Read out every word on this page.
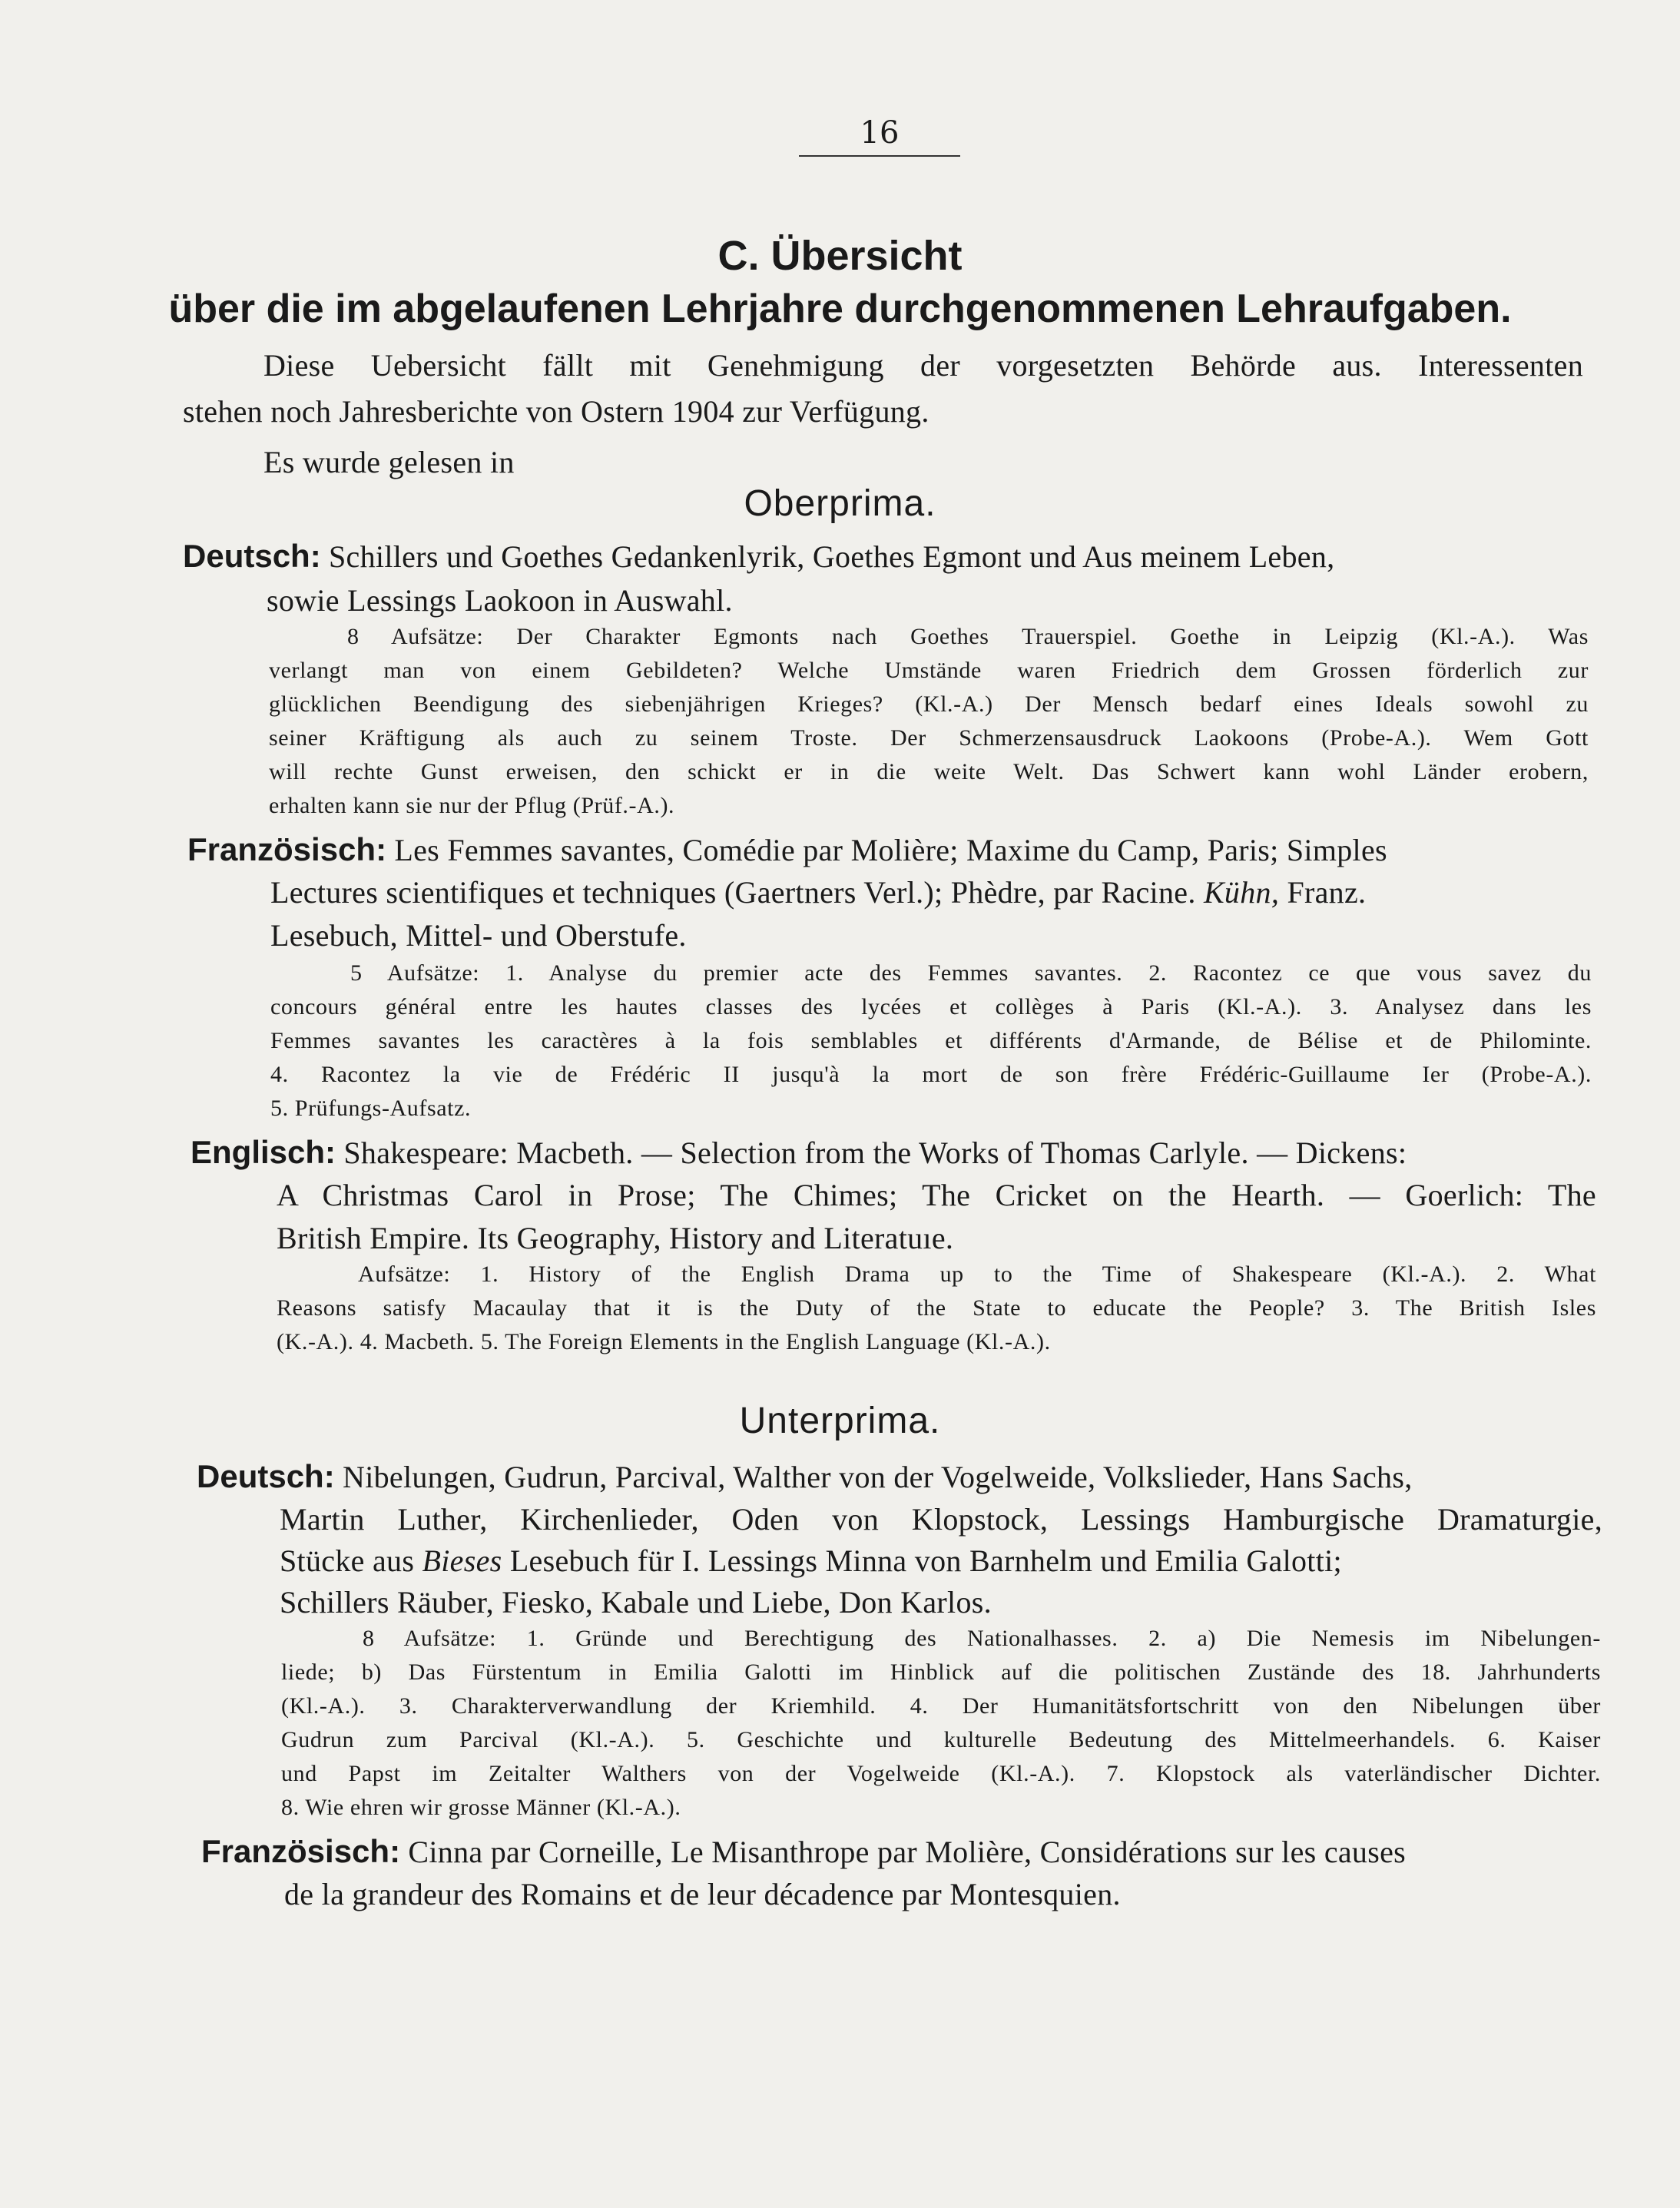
16
C. Übersicht
über die im abgelaufenen Lehrjahre durchgenommenen Lehraufgaben.
Diese Uebersicht fällt mit Genehmigung der vorgesetzten Behörde aus. Interessenten
stehen noch Jahresberichte von Ostern 1904 zur Verfügung.
Es wurde gelesen in
Oberprima.
Deutsch: Schillers und Goethes Gedankenlyrik, Goethes Egmont und Aus meinem Leben,
sowie Lessings Laokoon in Auswahl.
8 Aufsätze: Der Charakter Egmonts nach Goethes Trauerspiel. Goethe in Leipzig (Kl.-A.). Was
verlangt man von einem Gebildeten? Welche Umstände waren Friedrich dem Grossen förderlich zur
glücklichen Beendigung des siebenjährigen Krieges? (Kl.-A.) Der Mensch bedarf eines Ideals sowohl zu
seiner Kräftigung als auch zu seinem Troste. Der Schmerzensausdruck Laokoons (Probe-A.). Wem Gott
will rechte Gunst erweisen, den schickt er in die weite Welt. Das Schwert kann wohl Länder erobern,
erhalten kann sie nur der Pflug (Prüf.-A.).
Französisch: Les Femmes savantes, Comédie par Molière; Maxime du Camp, Paris; Simples
Lectures scientifiques et techniques (Gaertners Verl.); Phèdre, par Racine. Kühn, Franz.
Lesebuch, Mittel- und Oberstufe.
5 Aufsätze: 1. Analyse du premier acte des Femmes savantes. 2. Racontez ce que vous savez du
concours général entre les hautes classes des lycées et collèges à Paris (Kl.-A.). 3. Analysez dans les
Femmes savantes les caractères à la fois semblables et différents d'Armande, de Bélise et de Philominte.
4. Racontez la vie de Frédéric II jusqu'à la mort de son frère Frédéric-Guillaume Ier (Probe-A.).
5. Prüfungs-Aufsatz.
Englisch: Shakespeare: Macbeth. — Selection from the Works of Thomas Carlyle. — Dickens:
A Christmas Carol in Prose; The Chimes; The Cricket on the Hearth. — Goerlich: The
British Empire. Its Geography, History and Literatuıe.
Aufsätze: 1. History of the English Drama up to the Time of Shakespeare (Kl.-A.). 2. What
Reasons satisfy Macaulay that it is the Duty of the State to educate the People? 3. The British Isles
(K.-A.). 4. Macbeth. 5. The Foreign Elements in the English Language (Kl.-A.).
Unterprima.
Deutsch: Nibelungen, Gudrun, Parcival, Walther von der Vogelweide, Volkslieder, Hans Sachs,
Martin Luther, Kirchenlieder, Oden von Klopstock, Lessings Hamburgische Dramaturgie,
Stücke aus Bieses Lesebuch für I. Lessings Minna von Barnhelm und Emilia Galotti;
Schillers Räuber, Fiesko, Kabale und Liebe, Don Karlos.
8 Aufsätze: 1. Gründe und Berechtigung des Nationalhasses. 2. a) Die Nemesis im Nibelungen-
liede; b) Das Fürstentum in Emilia Galotti im Hinblick auf die politischen Zustände des 18. Jahrhunderts
(Kl.-A.). 3. Charakterverwandlung der Kriemhild. 4. Der Humanitätsfortschritt von den Nibelungen über
Gudrun zum Parcival (Kl.-A.). 5. Geschichte und kulturelle Bedeutung des Mittelmeerhandels. 6. Kaiser
und Papst im Zeitalter Walthers von der Vogelweide (Kl.-A.). 7. Klopstock als vaterländischer Dichter.
8. Wie ehren wir grosse Männer (Kl.-A.).
Französisch: Cinna par Corneille, Le Misanthrope par Molière, Considérations sur les causes
de la grandeur des Romains et de leur décadence par Montesquien.
